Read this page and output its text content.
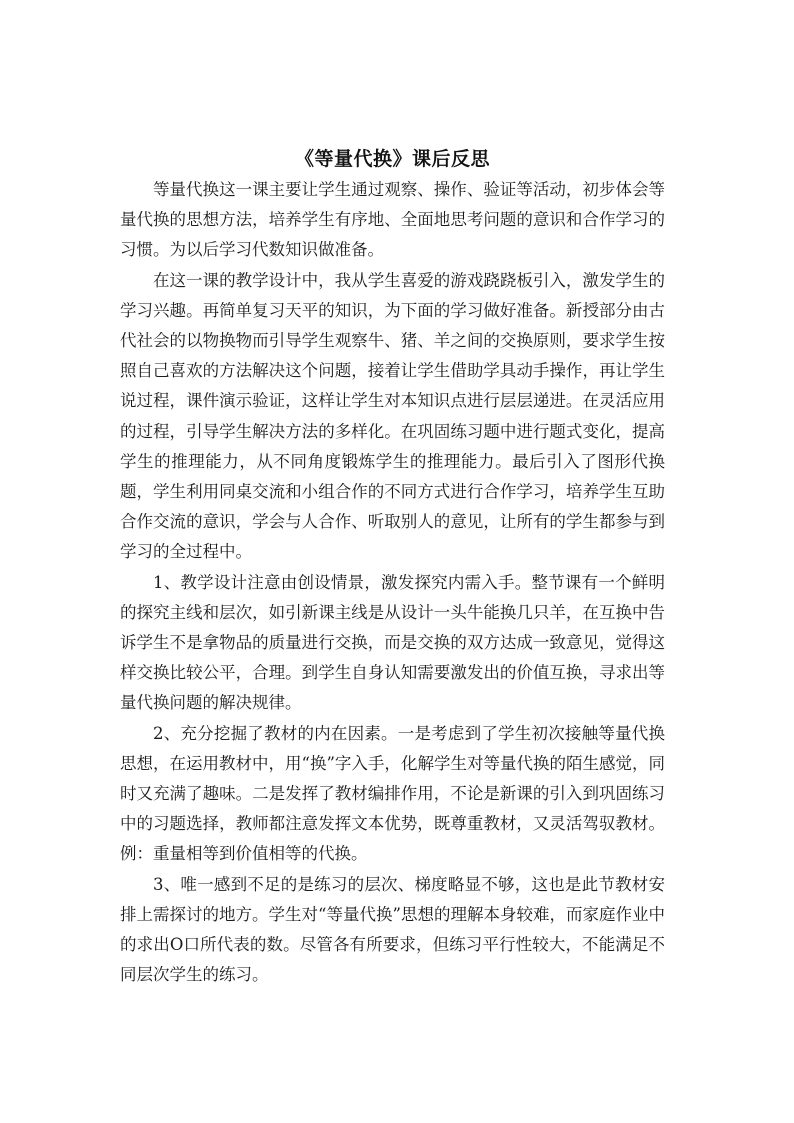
《等量代换》课后反思

等量代换这一课主要让学生通过观察、操作、验证等活动，初步体会等量代换的思想方法，培养学生有序地、全面地思考问题的意识和合作学习的习惯。为以后学习代数知识做准备。

在这一课的教学设计中，我从学生喜爱的游戏跷跷板引入，激发学生的学习兴趣。再简单复习天平的知识，为下面的学习做好准备。新授部分由古代社会的以物换物而引导学生观察牛、猪、羊之间的交换原则，要求学生按照自己喜欢的方法解决这个问题，接着让学生借助学具动手操作，再让学生说过程，课件演示验证，这样让学生对本知识点进行层层递进。在灵活应用的过程，引导学生解决方法的多样化。在巩固练习题中进行题式变化，提高学生的推理能力，从不同角度锻炼学生的推理能力。最后引入了图形代换题，学生利用同桌交流和小组合作的不同方式进行合作学习，培养学生互助合作交流的意识，学会与人合作、听取别人的意见，让所有的学生都参与到学习的全过程中。

1、教学设计注意由创设情景，激发探究内需入手。整节课有一个鲜明的探究主线和层次，如引新课主线是从设计一头牛能换几只羊，在互换中告诉学生不是拿物品的质量进行交换，而是交换的双方达成一致意见，觉得这样交换比较公平，合理。到学生自身认知需要激发出的价值互换，寻求出等量代换问题的解决规律。

2、充分挖掘了教材的内在因素。一是考虑到了学生初次接触等量代换思想，在运用教材中，用“换”字入手，化解学生对等量代换的陌生感觉，同时又充满了趣味。二是发挥了教材编排作用，不论是新课的引入到巩固练习中的习题选择，教师都注意发挥文本优势，既尊重教材，又灵活驾驭教材。例：重量相等到价值相等的代换。

3、唯一感到不足的是练习的层次、梯度略显不够，这也是此节教材安排上需探讨的地方。学生对“等量代换”思想的理解本身较难，而家庭作业中的求出O口所代表的数。尽管各有所要求，但练习平行性较大，不能满足不同层次学生的练习。
